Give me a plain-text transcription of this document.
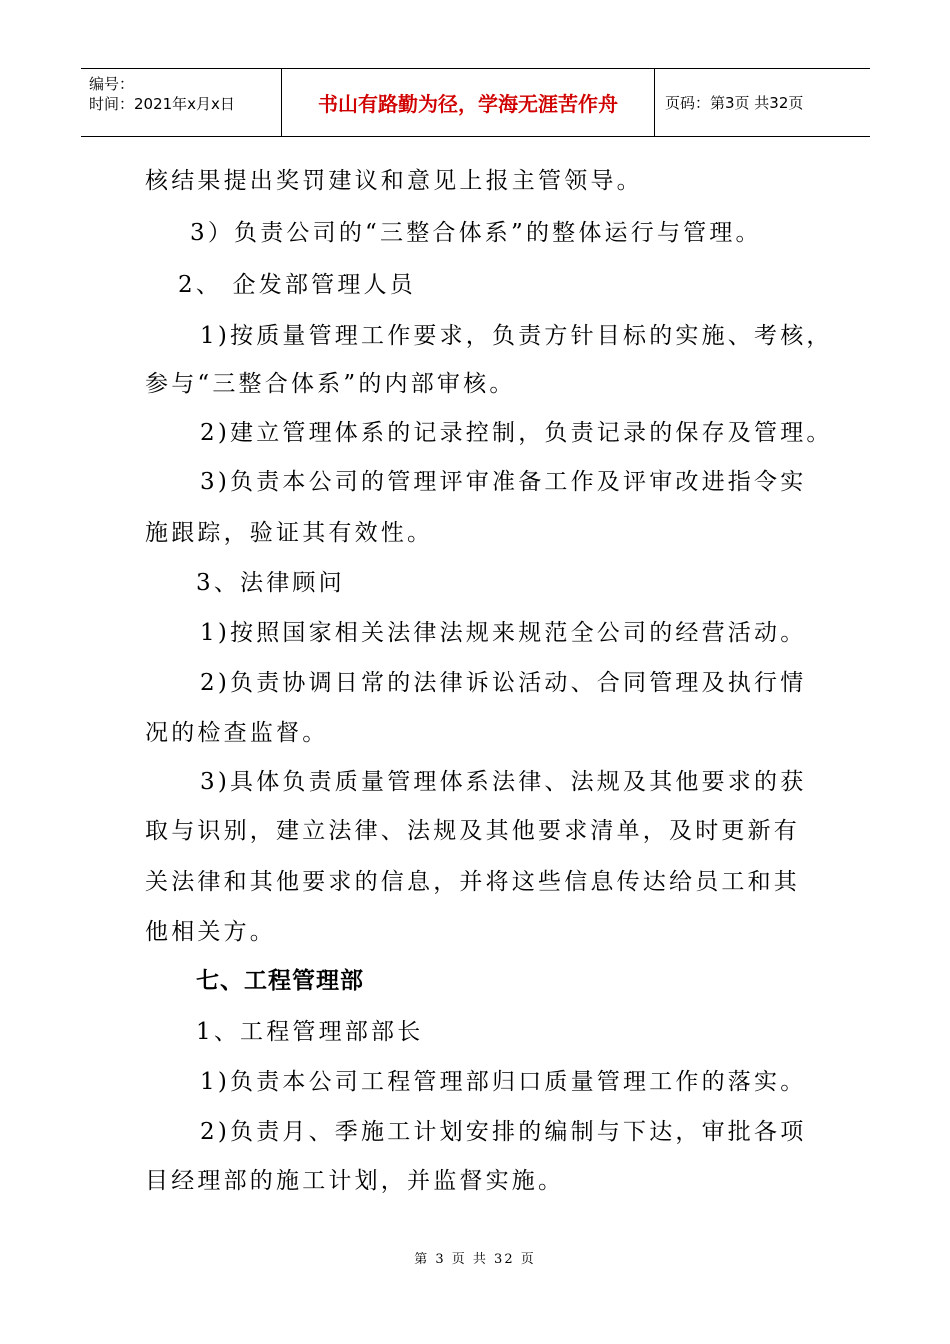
编号：
时间：2021年x月x日	书山有路勤为径，学海无涯苦作舟	页码：第3页 共32页
核结果提出奖罚建议和意见上报主管领导。
3）负责公司的“三整合体系”的整体运行与管理。
2、 企发部管理人员
1)按质量管理工作要求，负责方针目标的实施、考核，
参与“三整合体系”的内部审核。
2)建立管理体系的记录控制，负责记录的保存及管理。
3)负责本公司的管理评审准备工作及评审改进指令实
施跟踪，验证其有效性。
3、法律顾问
1)按照国家相关法律法规来规范全公司的经营活动。
2)负责协调日常的法律诉讼活动、合同管理及执行情
况的检查监督。
3)具体负责质量管理体系法律、法规及其他要求的获
取与识别，建立法律、法规及其他要求清单，及时更新有
关法律和其他要求的信息，并将这些信息传达给员工和其
他相关方。
七、工程管理部
1、工程管理部部长
1)负责本公司工程管理部归口质量管理工作的落实。
2)负责月、季施工计划安排的编制与下达，审批各项
目经理部的施工计划，并监督实施。
第 3 页 共 32 页
